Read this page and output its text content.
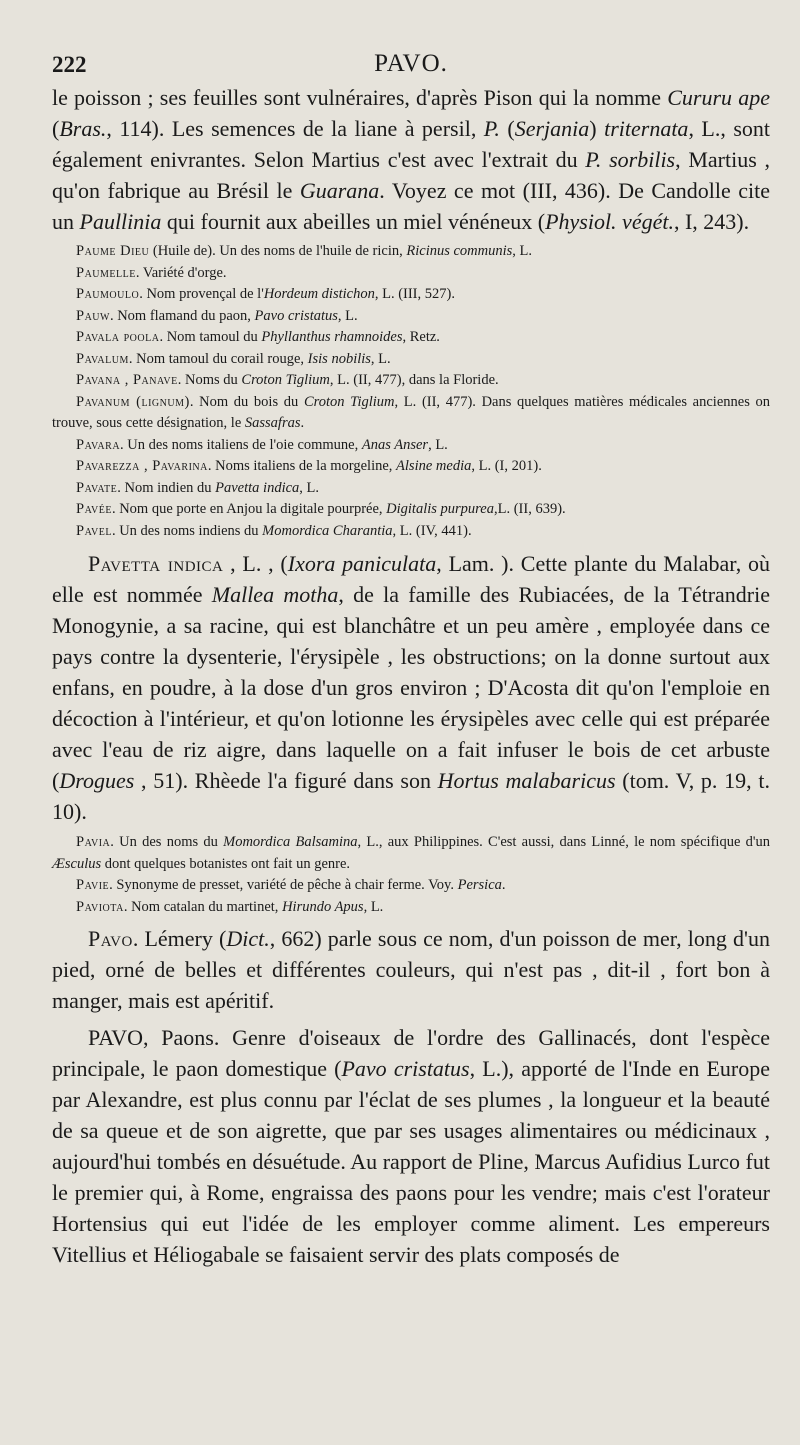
222	PAVO.

le poisson ; ses feuilles sont vulnéraires, d'après Pison qui la nomme Cururu ape (Bras., 114). Les semences de la liane à persil, P. (Serjania) triternata, L., sont également enivrantes. Selon Martius c'est avec l'extrait du P. sorbilis, Martius , qu'on fabrique au Brésil le Guarana. Voyez ce mot (III, 436). De Candolle cite un Paullinia qui fournit aux abeilles un miel vénéneux (Physiol. végét., I, 243).

Paume Dieu (Huile de). Un des noms de l'huile de ricin, Ricinus communis, L.

Paumelle. Variété d'orge.

Paumoulo. Nom provençal de l'Hordeum distichon, L. (III, 527).

Pauw. Nom flamand du paon, Pavo cristatus, L.

Pavala poola. Nom tamoul du Phyllanthus rhamnoides, Retz.

Pavalum. Nom tamoul du corail rouge, Isis nobilis, L.

Pavana , Panave. Noms du Croton Tiglium, L. (II, 477), dans la Floride.

Pavanum (lignum). Nom du bois du Croton Tiglium, L. (II, 477). Dans quelques matières médicales anciennes on trouve, sous cette désignation, le Sassafras.

Pavara. Un des noms italiens de l'oie commune, Anas Anser, L.

Pavarezza , Pavarina. Noms italiens de la morgeline, Alsine media, L. (I, 201).

Pavate. Nom indien du Pavetta indica, L.

Pavée. Nom que porte en Anjou la digitale pourprée, Digitalis purpurea,L. (II, 639).

Pavel. Un des noms indiens du Momordica Charantia, L. (IV, 441).

Pavetta indica , L. , (Ixora paniculata, Lam. ). Cette plante du Malabar, où elle est nommée Mallea motha, de la famille des Rubiacées, de la Tétrandrie Monogynie, a sa racine, qui est blanchâtre et un peu amère , employée dans ce pays contre la dysenterie, l'érysipèle , les obstructions; on la donne surtout aux enfans, en poudre, à la dose d'un gros environ ; D'Acosta dit qu'on l'emploie en décoction à l'intérieur, et qu'on lotionne les érysipèles avec celle qui est préparée avec l'eau de riz aigre, dans laquelle on a fait infuser le bois de cet arbuste (Drogues , 51). Rhèede l'a figuré dans son Hortus malabaricus (tom. V, p. 19, t. 10).

Pavia. Un des noms du Momordica Balsamina, L., aux Philippines. C'est aussi, dans Linné, le nom spécifique d'un Æsculus dont quelques botanistes ont fait un genre.

Pavie. Synonyme de presset, variété de pêche à chair ferme. Voy. Persica.

Paviota. Nom catalan du martinet, Hirundo Apus, L.

Pavo. Lémery (Dict., 662) parle sous ce nom, d'un poisson de mer, long d'un pied, orné de belles et différentes couleurs, qui n'est pas , dit-il , fort bon à manger, mais est apéritif.

PAVO, Paons. Genre d'oiseaux de l'ordre des Gallinacés, dont l'espèce principale, le paon domestique (Pavo cristatus, L.), apporté de l'Inde en Europe par Alexandre, est plus connu par l'éclat de ses plumes , la longueur et la beauté de sa queue et de son aigrette, que par ses usages alimentaires ou médicinaux , aujourd'hui tombés en désuétude. Au rapport de Pline, Marcus Aufidius Lurco fut le premier qui, à Rome, engraissa des paons pour les vendre; mais c'est l'orateur Hortensius qui eut l'idée de les employer comme aliment. Les empereurs Vitellius et Héliogabale se faisaient servir des plats composés de
